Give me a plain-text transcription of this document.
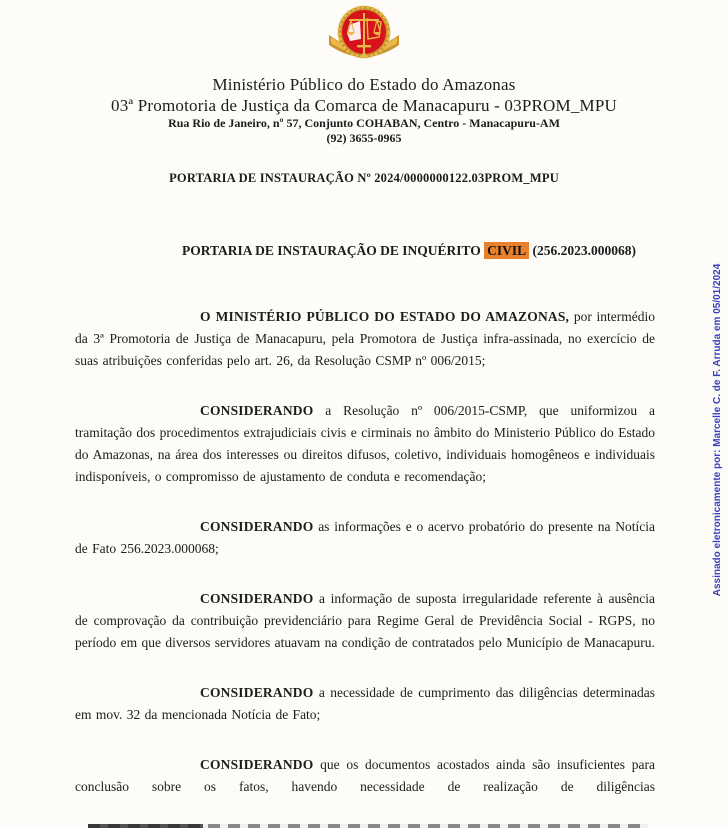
Ministério Público do Estado do Amazonas
03ª Promotoria de Justiça da Comarca de Manacapuru - 03PROM_MPU
Rua Rio de Janeiro, nº 57, Conjunto COHABAN, Centro - Manacapuru-AM
(92) 3655-0965
PORTARIA DE INSTAURAÇÃO Nº 2024/0000000122.03PROM_MPU
PORTARIA DE INSTAURAÇÃO DE INQUÉRITO CIVIL (256.2023.000068)

O MINISTÉRIO PÚBLICO DO ESTADO DO AMAZONAS, por intermédio da 3ª Promotoria de Justiça de Manacapuru, pela Promotora de Justiça infra-assinada, no exercício de suas atribuições conferidas pelo art. 26, da Resolução CSMP nº 006/2015;

CONSIDERANDO a Resolução nº 006/2015-CSMP, que uniformizou a tramitação dos procedimentos extrajudiciais civis e cirminais no âmbito do Ministerio Público do Estado do Amazonas, na área dos interesses ou direitos difusos, coletivo, individuais homogêneos e individuais indisponíveis, o compromisso de ajustamento de conduta e recomendação;

CONSIDERANDO as informações e o acervo probatório do presente na Notícia de Fato 256.2023.000068;

CONSIDERANDO a informação de suposta irregularidade referente à ausência de comprovação da contribuição previdenciário para Regime Geral de Previdência Social - RGPS, no período em que diversos servidores atuavam na condição de contratados pelo Município de Manacapuru.

CONSIDERANDO a necessidade de cumprimento das diligências determinadas em mov. 32 da mencionada Notícia de Fato;

CONSIDERANDO que os documentos acostados ainda são insuficientes para conclusão sobre os fatos, havendo necessidade de realização de diligências

Assinado eletronicamente por: Marcelle C. de F. Arruda em 05/01/2024
